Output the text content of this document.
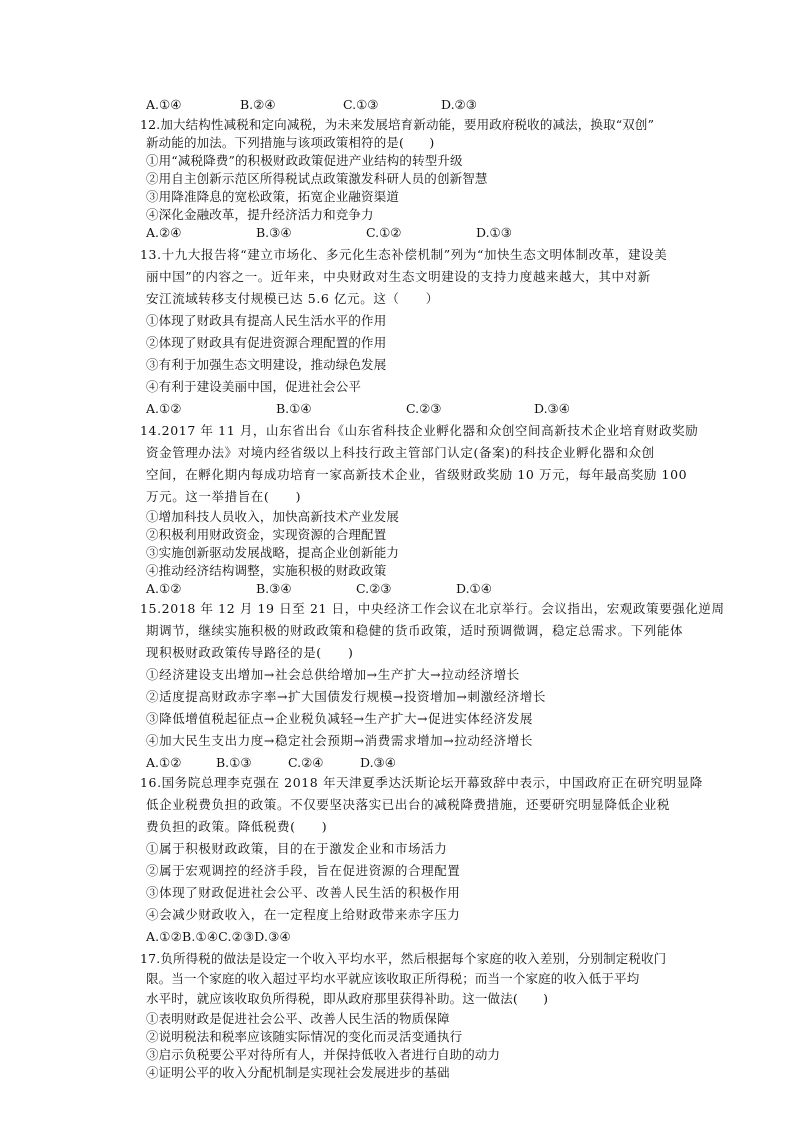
A.①④	B.②④	C.①③	D.②③
12.加大结构性减税和定向减税，为未来发展培育新动能，要用政府税收的减法，换取“双创”
新动能的加法。下列措施与该项政策相符的是(　　)
①用“减税降费”的积极财政政策促进产业结构的转型升级
②用自主创新示范区所得税试点政策激发科研人员的创新智慧
③用降准降息的宽松政策，拓宽企业融资渠道
④深化金融改革，提升经济活力和竞争力
A.②④	B.③④	C.①②	D.①③
13.十九大报告将“建立市场化、多元化生态补偿机制”列为“加快生态文明体制改革，建设美
丽中国”的内容之一。近年来，中央财政对生态文明建设的支持力度越来越大，其中对新
安江流域转移支付规模已达 5.6 亿元。这（　　）
①体现了财政具有提高人民生活水平的作用
②体现了财政具有促进资源合理配置的作用
③有利于加强生态文明建设，推动绿色发展
④有利于建设美丽中国，促进社会公平
A.①②	B.①④	C.②③	D.③④
14.2017 年 11 月，山东省出台《山东省科技企业孵化器和众创空间高新技术企业培育财政奖励
资金管理办法》对境内经省级以上科技行政主管部门认定(备案)的科技企业孵化器和众创
空间，在孵化期内每成功培育一家高新技术企业，省级财政奖励 10 万元，每年最高奖励 100
万元。这一举措旨在(　　)
①增加科技人员收入，加快高新技术产业发展
②积极利用财政资金，实现资源的合理配置
③实施创新驱动发展战略，提高企业创新能力
④推动经济结构调整，实施积极的财政政策
A.①②	B.③④	C.②③	D.①④
15.2018 年 12 月 19 日至 21 日，中央经济工作会议在北京举行。会议指出，宏观政策要强化逆周
期调节，继续实施积极的财政政策和稳健的货币政策，适时预调微调，稳定总需求。下列能体
现积极财政政策传导路径的是(　　)
①经济建设支出增加→社会总供给增加→生产扩大→拉动经济增长
②适度提高财政赤字率→扩大国债发行规模→投资增加→刺激经济增长
③降低增值税起征点→企业税负减轻→生产扩大→促进实体经济发展
④加大民生支出力度→稳定社会预期→消费需求增加→拉动经济增长
A.①②	B.①③	C.②④	D.③④
16.国务院总理李克强在 2018 年天津夏季达沃斯论坛开幕致辞中表示，中国政府正在研究明显降
低企业税费负担的政策。不仅要坚决落实已出台的减税降费措施，还要研究明显降低企业税
费负担的政策。降低税费(　　)
①属于积极财政政策，目的在于激发企业和市场活力
②属于宏观调控的经济手段，旨在促进资源的合理配置
③体现了财政促进社会公平、改善人民生活的积极作用
④会减少财政收入，在一定程度上给财政带来赤字压力
A.①②B.①④C.②③D.③④
17.负所得税的做法是设定一个收入平均水平，然后根据每个家庭的收入差别，分别制定税收门
限。当一个家庭的收入超过平均水平就应该收取正所得税；而当一个家庭的收入低于平均
水平时，就应该收取负所得税，即从政府那里获得补助。这一做法(　　)
①表明财政是促进社会公平、改善人民生活的物质保障
②说明税法和税率应该随实际情况的变化而灵活变通执行
③启示负税要公平对待所有人，并保持低收入者进行自助的动力
④证明公平的收入分配机制是实现社会发展进步的基础
